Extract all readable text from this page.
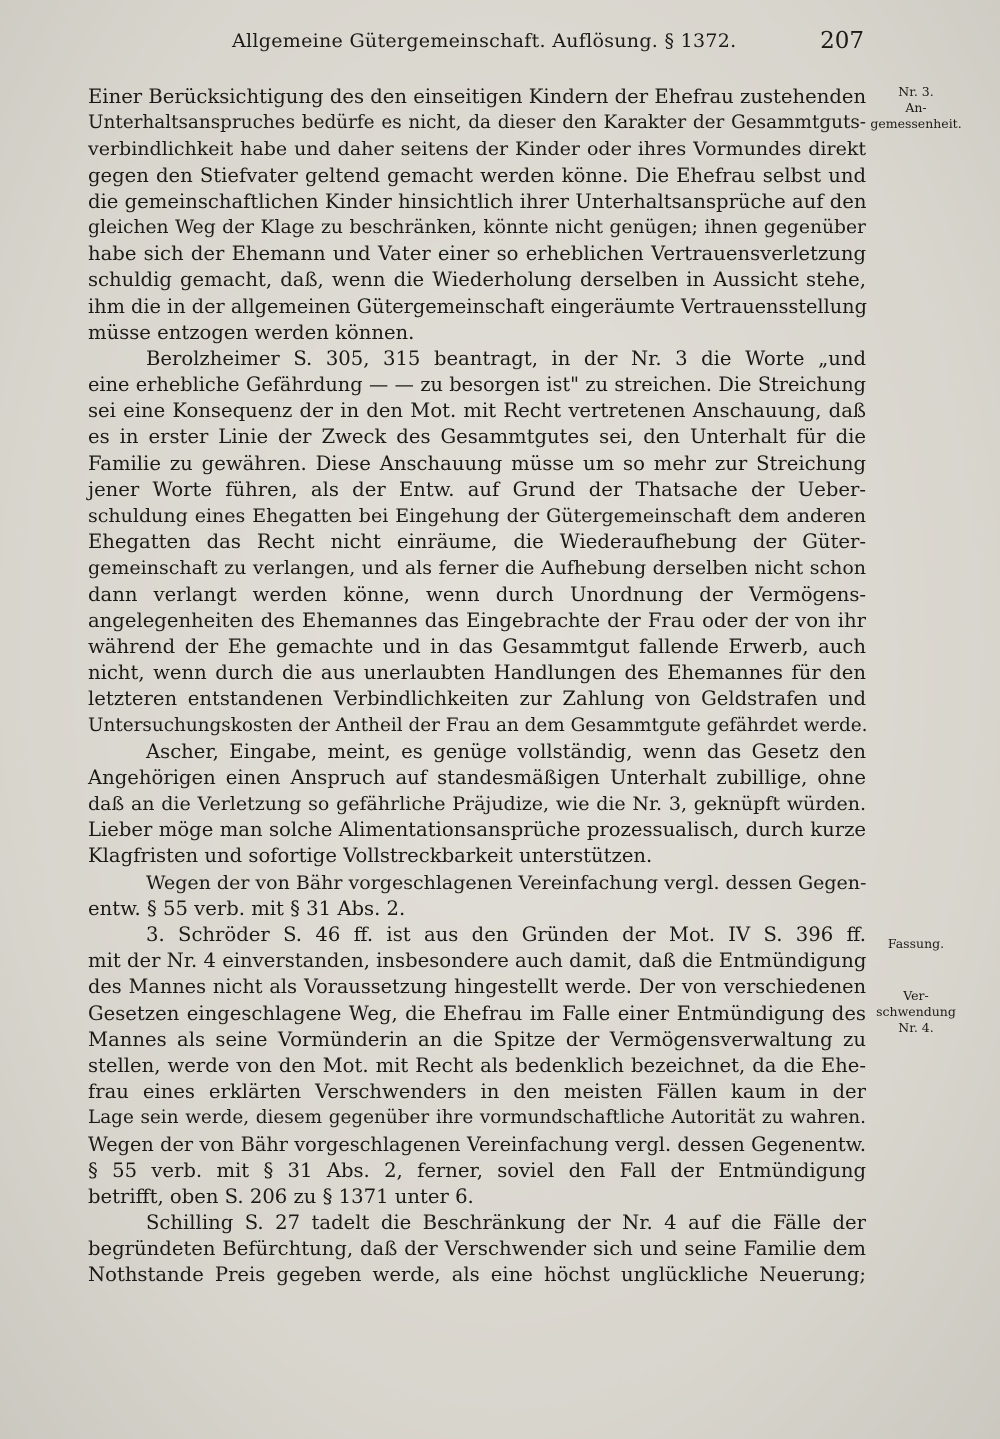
Allgemeine Gütergemeinschaft. Auflösung. § 1372.	207
Nr. 3.
An-
gemessenheit.
Fassung.
Ver-
schwendung
Nr. 4.
Einer Berücksichtigung des den einseitigen Kindern der Ehefrau zustehenden
Unterhaltsanspruches bedürfe es nicht, da dieser den Karakter der Gesammtguts-
verbindlichkeit habe und daher seitens der Kinder oder ihres Vormundes direkt
gegen den Stiefvater geltend gemacht werden könne. Die Ehefrau selbst und
die gemeinschaftlichen Kinder hinsichtlich ihrer Unterhaltsansprüche auf den
gleichen Weg der Klage zu beschränken, könnte nicht genügen; ihnen gegenüber
habe sich der Ehemann und Vater einer so erheblichen Vertrauensverletzung
schuldig gemacht, daß, wenn die Wiederholung derselben in Aussicht stehe,
ihm die in der allgemeinen Gütergemeinschaft eingeräumte Vertrauensstellung
müsse entzogen werden können.
Berolzheimer S. 305, 315 beantragt, in der Nr. 3 die Worte „und
eine erhebliche Gefährdung — — zu besorgen ist" zu streichen. Die Streichung
sei eine Konsequenz der in den Mot. mit Recht vertretenen Anschauung, daß
es in erster Linie der Zweck des Gesammtgutes sei, den Unterhalt für die
Familie zu gewähren. Diese Anschauung müsse um so mehr zur Streichung
jener Worte führen, als der Entw. auf Grund der Thatsache der Ueber-
schuldung eines Ehegatten bei Eingehung der Gütergemeinschaft dem anderen
Ehegatten das Recht nicht einräume, die Wiederaufhebung der Güter-
gemeinschaft zu verlangen, und als ferner die Aufhebung derselben nicht schon
dann verlangt werden könne, wenn durch Unordnung der Vermögens-
angelegenheiten des Ehemannes das Eingebrachte der Frau oder der von ihr
während der Ehe gemachte und in das Gesammtgut fallende Erwerb, auch
nicht, wenn durch die aus unerlaubten Handlungen des Ehemannes für den
letzteren entstandenen Verbindlichkeiten zur Zahlung von Geldstrafen und
Untersuchungskosten der Antheil der Frau an dem Gesammtgute gefährdet werde.
Ascher, Eingabe, meint, es genüge vollständig, wenn das Gesetz den
Angehörigen einen Anspruch auf standesmäßigen Unterhalt zubillige, ohne
daß an die Verletzung so gefährliche Präjudize, wie die Nr. 3, geknüpft würden.
Lieber möge man solche Alimentationsansprüche prozessualisch, durch kurze
Klagfristen und sofortige Vollstreckbarkeit unterstützen.
Wegen der von Bähr vorgeschlagenen Vereinfachung vergl. dessen Gegen-
entw. § 55 verb. mit § 31 Abs. 2.
3. Schröder S. 46 ff. ist aus den Gründen der Mot. IV S. 396 ff.
mit der Nr. 4 einverstanden, insbesondere auch damit, daß die Entmündigung
des Mannes nicht als Voraussetzung hingestellt werde. Der von verschiedenen
Gesetzen eingeschlagene Weg, die Ehefrau im Falle einer Entmündigung des
Mannes als seine Vormünderin an die Spitze der Vermögensverwaltung zu
stellen, werde von den Mot. mit Recht als bedenklich bezeichnet, da die Ehe-
frau eines erklärten Verschwenders in den meisten Fällen kaum in der
Lage sein werde, diesem gegenüber ihre vormundschaftliche Autorität zu wahren.
Wegen der von Bähr vorgeschlagenen Vereinfachung vergl. dessen Gegenentw.
§ 55 verb. mit § 31 Abs. 2, ferner, soviel den Fall der Entmündigung
betrifft, oben S. 206 zu § 1371 unter 6.
Schilling S. 27 tadelt die Beschränkung der Nr. 4 auf die Fälle der
begründeten Befürchtung, daß der Verschwender sich und seine Familie dem
Nothstande Preis gegeben werde, als eine höchst unglückliche Neuerung;
